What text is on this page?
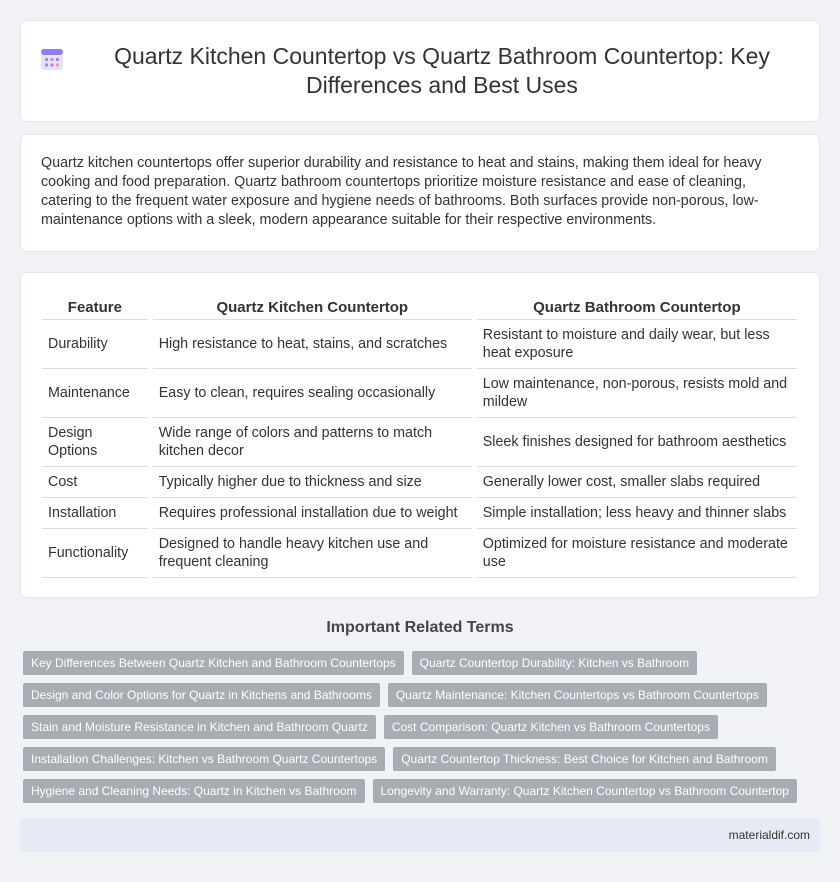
Quartz Kitchen Countertop vs Quartz Bathroom Countertop: Key Differences and Best Uses

Quartz kitchen countertops offer superior durability and resistance to heat and stains, making them ideal for heavy cooking and food preparation. Quartz bathroom countertops prioritize moisture resistance and ease of cleaning, catering to the frequent water exposure and hygiene needs of bathrooms. Both surfaces provide non-porous, low-maintenance options with a sleek, modern appearance suitable for their respective environments.

Feature		Quartz Kitchen Countertop		Quartz Bathroom Countertop
Durability		High resistance to heat, stains, and scratches		Resistant to moisture and daily wear, but less heat exposure
Maintenance		Easy to clean, requires sealing occasionally		Low maintenance, non-porous, resists mold and mildew
Design Options		Wide range of colors and patterns to match kitchen decor		Sleek finishes designed for bathroom aesthetics
Cost		Typically higher due to thickness and size		Generally lower cost, smaller slabs required
Installation		Requires professional installation due to weight		Simple installation; less heavy and thinner slabs
Functionality		Designed to handle heavy kitchen use and frequent cleaning		Optimized for moisture resistance and moderate use
Important Related Terms
Key Differences Between Quartz Kitchen and Bathroom Countertops	Quartz Countertop Durability: Kitchen vs Bathroom
Design and Color Options for Quartz in Kitchens and Bathrooms	Quartz Maintenance: Kitchen Countertops vs Bathroom Countertops
Stain and Moisture Resistance in Kitchen and Bathroom Quartz	Cost Comparison: Quartz Kitchen vs Bathroom Countertops
Installation Challenges: Kitchen vs Bathroom Quartz Countertops	Quartz Countertop Thickness: Best Choice for Kitchen and Bathroom
Hygiene and Cleaning Needs: Quartz in Kitchen vs Bathroom	Longevity and Warranty: Quartz Kitchen Countertop vs Bathroom Countertop
materialdif.com
